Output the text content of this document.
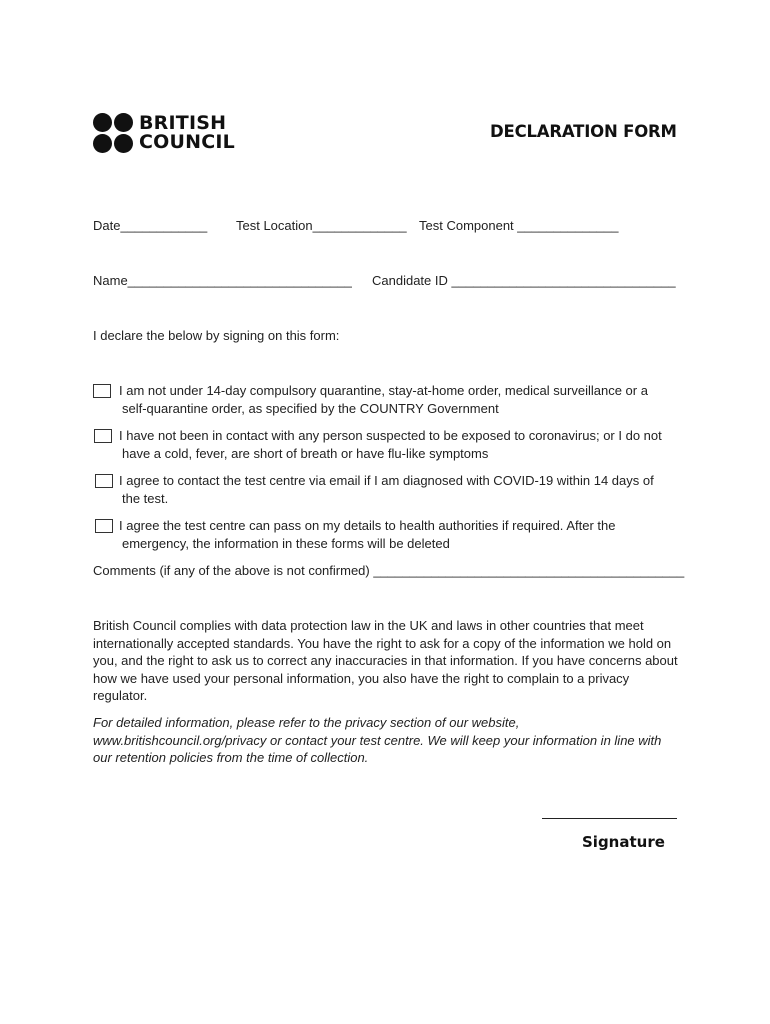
BRITISH
COUNCIL	DECLARATION FORM
Date____________ Test Location_____________ Test Component ______________
Name_______________________________ Candidate ID _______________________________
I declare the below by signing on this form:
I am not under 14-day compulsory quarantine, stay-at-home order, medical surveillance or a
self-quarantine order, as specified by the COUNTRY Government
I have not been in contact with any person suspected to be exposed to coronavirus; or I do not
have a cold, fever, are short of breath or have flu-like symptoms
I agree to contact the test centre via email if I am diagnosed with COVID-19 within 14 days of
the test.
I agree the test centre can pass on my details to health authorities if required. After the
emergency, the information in these forms will be deleted
Comments (if any of the above is not confirmed) ___________________________________________
British Council complies with data protection law in the UK and laws in other countries that meet internationally accepted standards. You have the right to ask for a copy of the information we hold on you, and the right to ask us to correct any inaccuracies in that information. If you have concerns about how we have used your personal information, you also have the right to complain to a privacy regulator.
For detailed information, please refer to the privacy section of our website, www.britishcouncil.org/privacy or contact your test centre. We will keep your information in line with our retention policies from the time of collection.
Signature
